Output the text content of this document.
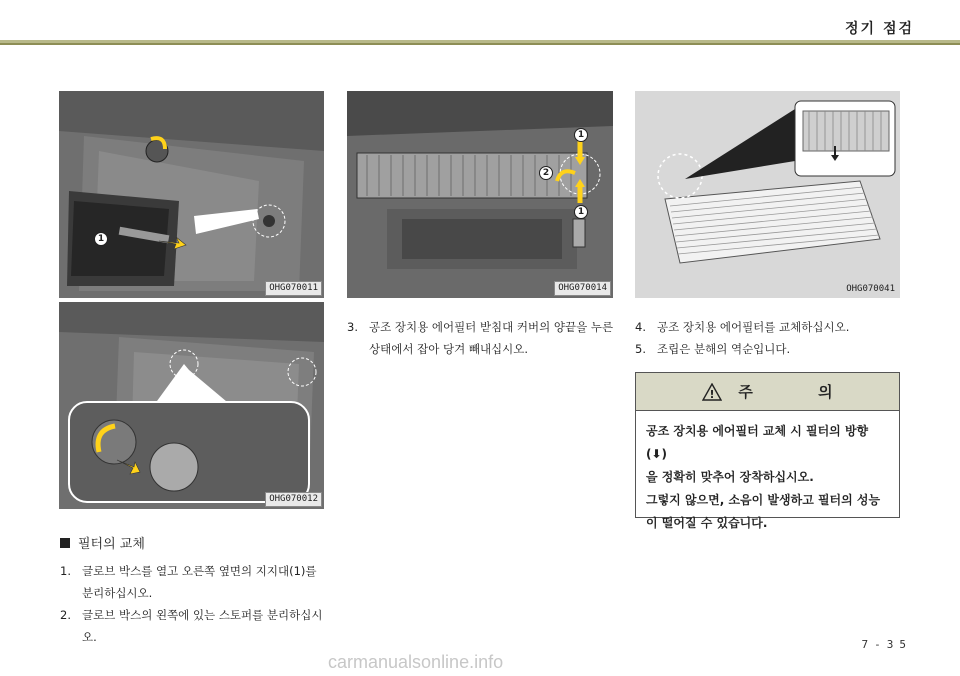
정기 점검
1
OHG070011
OHG070012
1
2
1
OHG070014	OHG070041
필터의 교체
1. 글로브 박스를 열고 오른쪽 옆면의 지지대(1)를 분리하십시오.
2. 글로브 박스의 왼쪽에 있는 스토퍼를 분리하십시오.
3. 공조 장치용 에어필터 받침대 커버의 양끝을 누른 상태에서 잡아 당겨 빼내십시오.
4. 공조 장치용 에어필터를 교체하십시오.
5. 조립은 분해의 역순입니다.
! 주 의
공조 장치용 에어필터 교체 시 필터의 방향(⬇)
을 정확히 맞추어 장착하십시오.
그렇지 않으면, 소음이 발생하고 필터의 성능
이 떨어질 수 있습니다.
7-35
carmanualsonline.info
